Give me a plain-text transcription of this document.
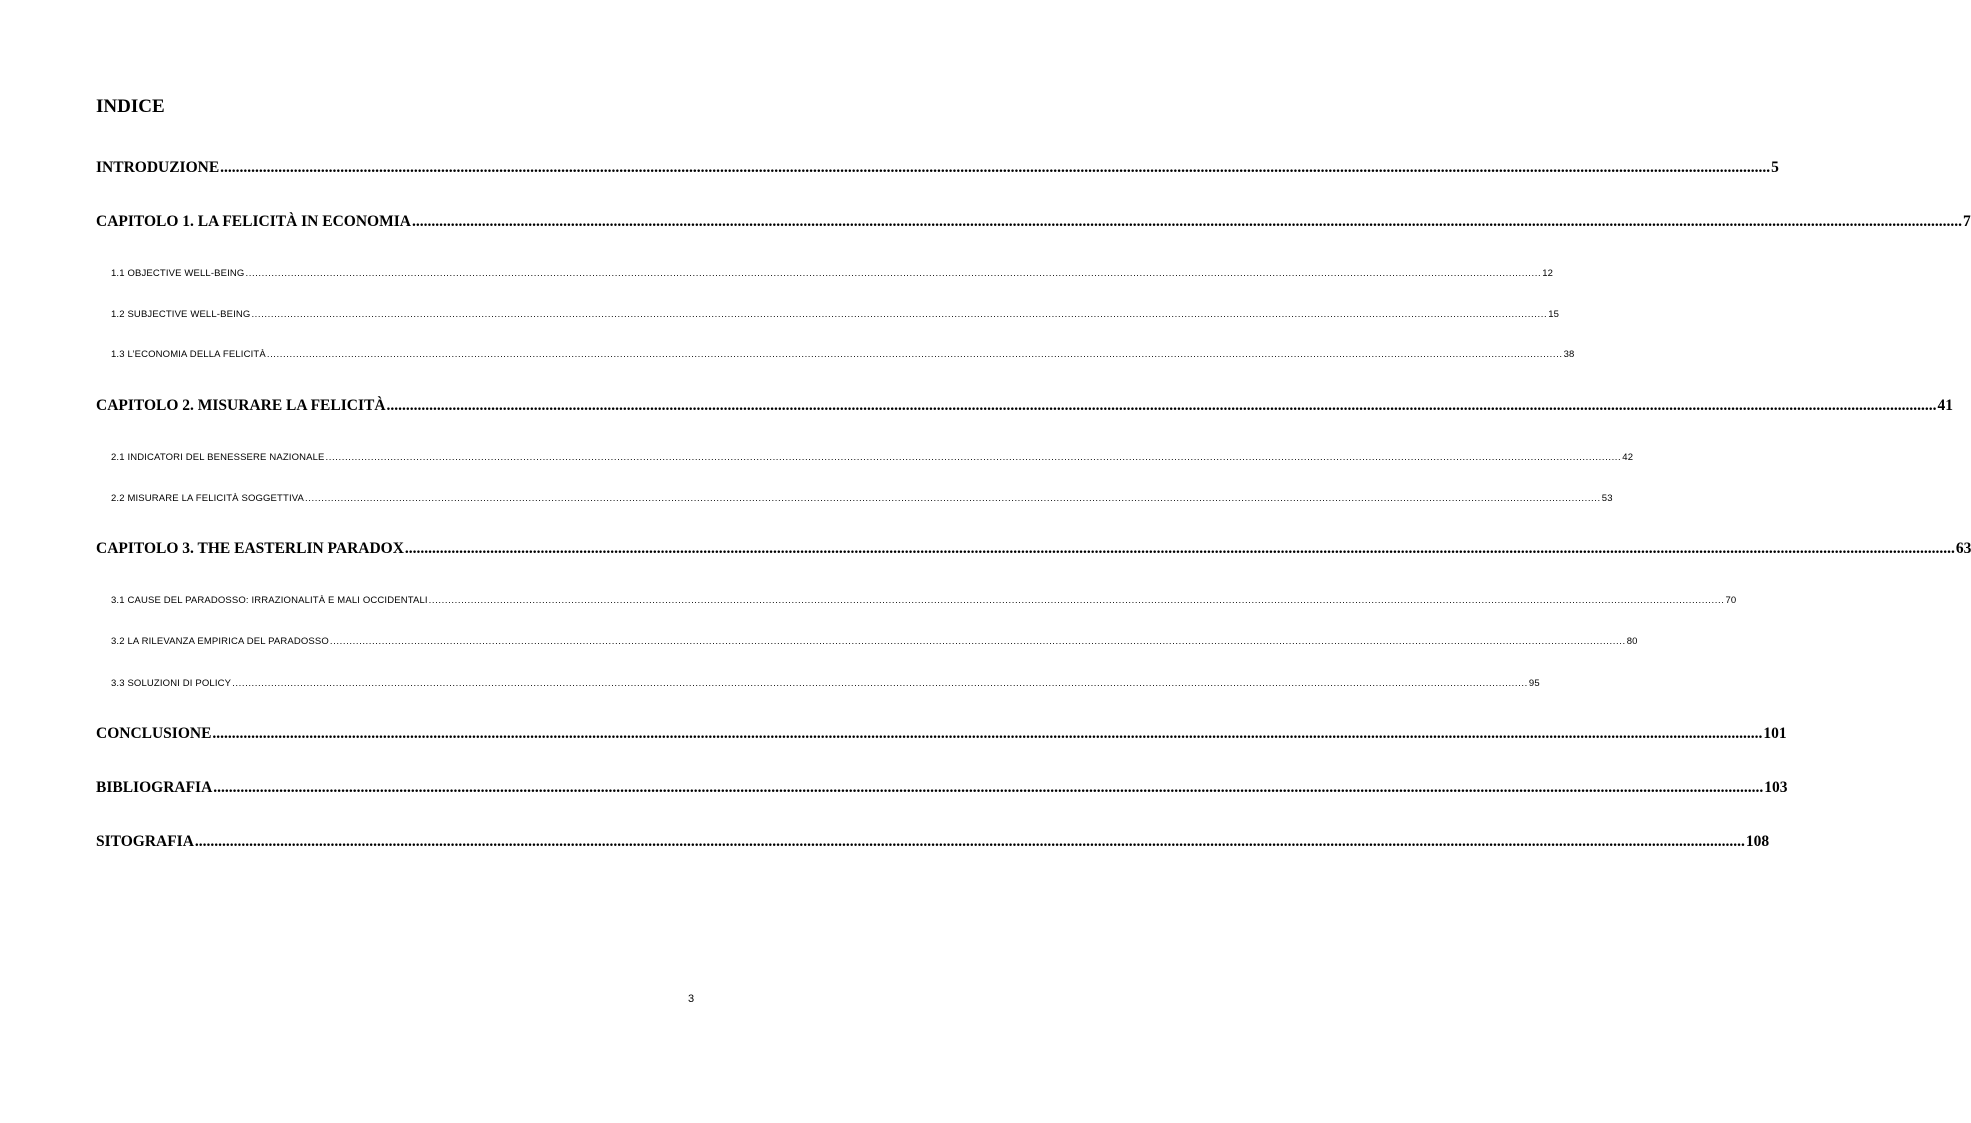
INDICE
INTRODUZIONE ................................................................................................................................................................................................................................................................................................................................................................................................................ 5
CAPITOLO 1. LA FELICITÀ IN ECONOMIA ................................................................................................................................................................................................................................................................................................................................................................................................................ 7
1.1 OBJECTIVE WELL-BEING ................................................................................................................................................................................................................................................................................................................................................................................................................ 12
1.2 SUBJECTIVE WELL-BEING ................................................................................................................................................................................................................................................................................................................................................................................................................ 15
1.3 L’ECONOMIA DELLA FELICITÀ ................................................................................................................................................................................................................................................................................................................................................................................................................ 38
CAPITOLO 2. MISURARE LA FELICITÀ ................................................................................................................................................................................................................................................................................................................................................................................................................ 41
2.1 INDICATORI DEL BENESSERE NAZIONALE ................................................................................................................................................................................................................................................................................................................................................................................................................ 42
2.2 MISURARE LA FELICITÀ SOGGETTIVA ................................................................................................................................................................................................................................................................................................................................................................................................................ 53
CAPITOLO 3. THE EASTERLIN PARADOX ................................................................................................................................................................................................................................................................................................................................................................................................................ 63
3.1 CAUSE DEL PARADOSSO: IRRAZIONALITÀ E MALI OCCIDENTALI ................................................................................................................................................................................................................................................................................................................................................................................................................ 70
3.2 LA RILEVANZA EMPIRICA DEL PARADOSSO ................................................................................................................................................................................................................................................................................................................................................................................................................ 80
3.3 SOLUZIONI DI POLICY ................................................................................................................................................................................................................................................................................................................................................................................................................ 95
CONCLUSIONE ................................................................................................................................................................................................................................................................................................................................................................................................................ 101
BIBLIOGRAFIA ................................................................................................................................................................................................................................................................................................................................................................................................................ 103
SITOGRAFIA ................................................................................................................................................................................................................................................................................................................................................................................................................ 108
3
